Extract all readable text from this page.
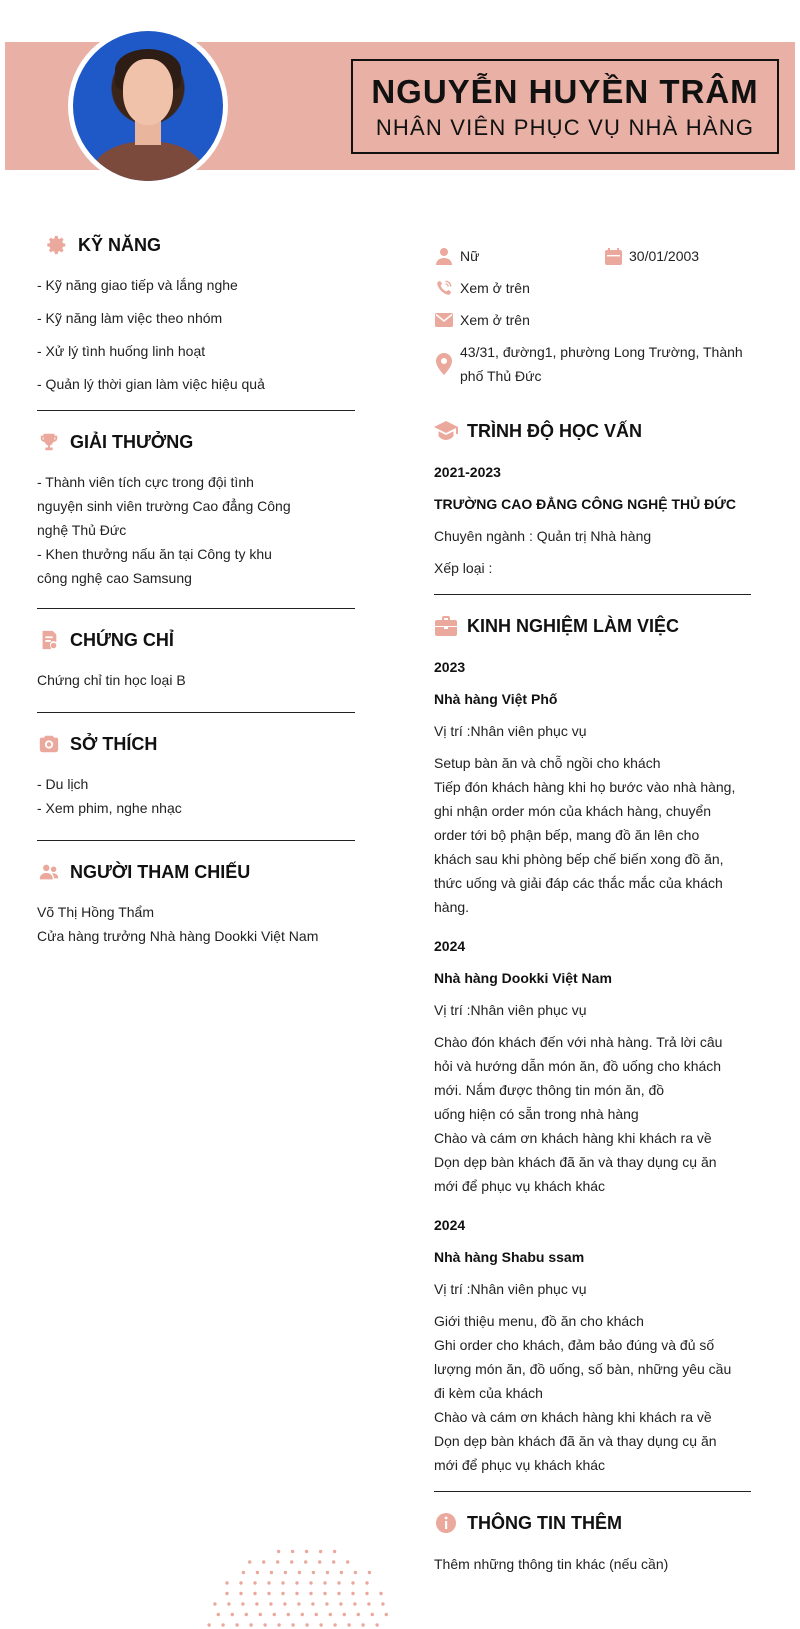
NGUYỄN HUYỀN TRÂM
NHÂN VIÊN PHỤC VỤ NHÀ HÀNG
KỸ NĂNG
- Kỹ năng giao tiếp và lắng nghe
- Kỹ năng làm việc theo nhóm
- Xử lý tình huống linh hoạt
- Quản lý thời gian làm việc hiệu quả
GIẢI THƯỞNG
- Thành viên tích cực trong đội tình
nguyện sinh viên trường Cao đẳng Công
nghệ Thủ Đức
- Khen thưởng nấu ăn tại Công ty khu
công nghệ cao Samsung
CHỨNG CHỈ
Chứng chỉ tin học loại B
SỞ THÍCH
- Du lịch
- Xem phim, nghe nhạc
NGƯỜI THAM CHIẾU
Võ Thị Hồng Thẩm
Cửa hàng trưởng Nhà hàng Dookki Việt Nam
Nữ	30/01/2003
Xem ở trên
Xem ở trên
43/31, đường1, phường Long Trường, Thành
phố Thủ Đức
TRÌNH ĐỘ HỌC VẤN
2021-2023
TRƯỜNG CAO ĐẲNG CÔNG NGHỆ THỦ ĐỨC
Chuyên ngành : Quản trị Nhà hàng
Xếp loại :
KINH NGHIỆM LÀM VIỆC
2023
Nhà hàng Việt Phố
Vị trí :Nhân viên phục vụ
Setup bàn ăn và chỗ ngồi cho khách
Tiếp đón khách hàng khi họ bước vào nhà hàng,
ghi nhận order món của khách hàng, chuyển
order tới bộ phận bếp, mang đồ ăn lên cho
khách sau khi phòng bếp chế biến xong đồ ăn,
thức uống và giải đáp các thắc mắc của khách
hàng.
2024
Nhà hàng Dookki Việt Nam
Vị trí :Nhân viên phục vụ
Chào đón khách đến với nhà hàng. Trả lời câu
hỏi và hướng dẫn món ăn, đồ uống cho khách
mới. Nắm được thông tin món ăn, đồ
uống hiện có sẵn trong nhà hàng
Chào và cám ơn khách hàng khi khách ra về
Dọn dẹp bàn khách đã ăn và thay dụng cụ ăn
mới để phục vụ khách khác
2024
Nhà hàng Shabu ssam
Vị trí :Nhân viên phục vụ
Giới thiệu menu, đồ ăn cho khách
Ghi order cho khách, đảm bảo đúng và đủ số
lượng món ăn, đồ uống, số bàn, những yêu cầu
đi kèm của khách
Chào và cám ơn khách hàng khi khách ra về
Dọn dẹp bàn khách đã ăn và thay dụng cụ ăn
mới để phục vụ khách khác
THÔNG TIN THÊM
Thêm những thông tin khác (nếu cần)
